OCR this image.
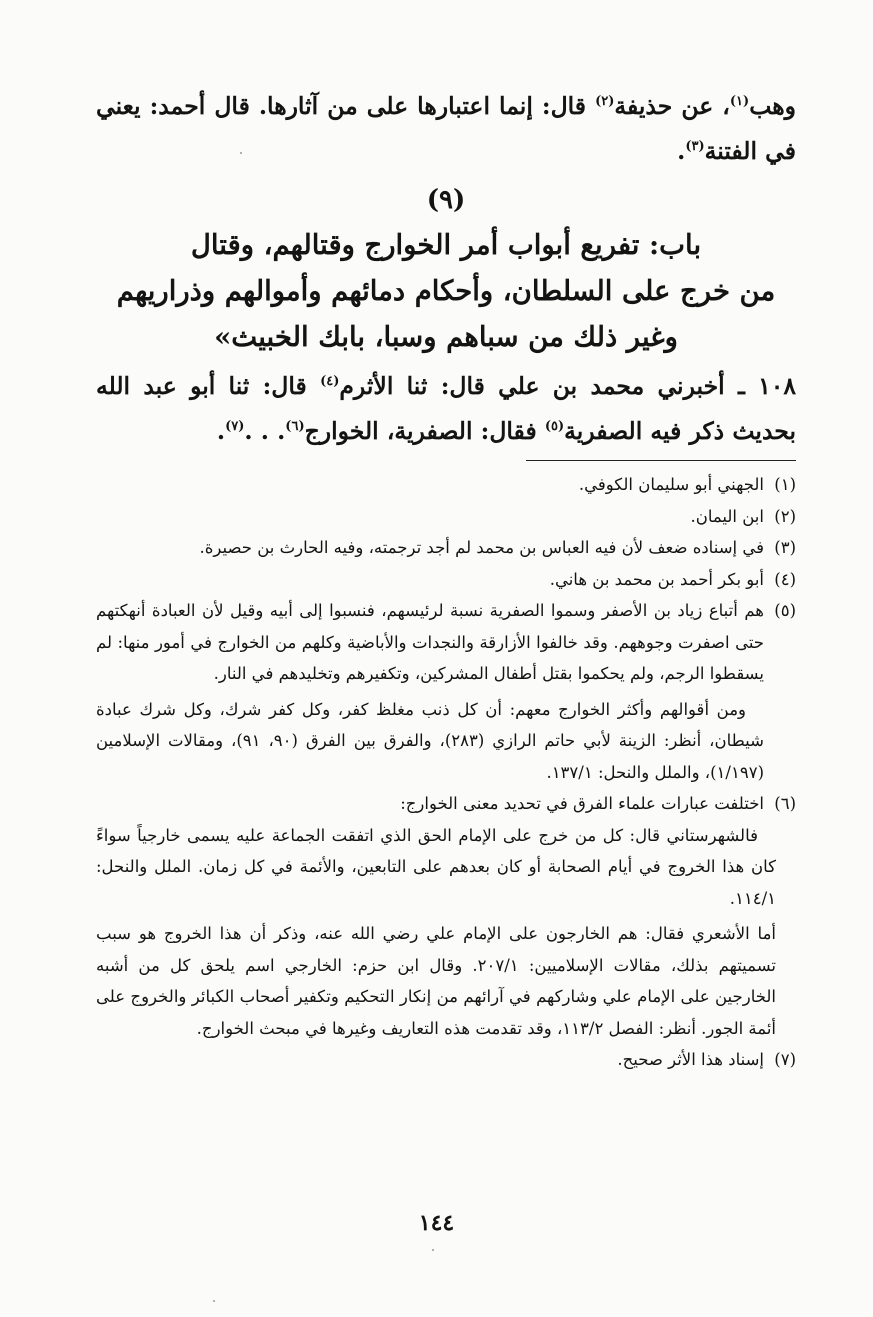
وهب$^{(١)}$، عن حذيفة$^{(٢)}$ قال: إنما اعتبارها على من آثارها. قال أحمد: يعني في الفتنة$^{(٣)}$.
(٩)
باب: تفريع أبواب أمر الخوارج وقتالهم، وقتال
من خرج على السلطان، وأحكام دمائهم وأموالهم وذراريهم
وغير ذلك من سباهم وسبا، بابك الخبيث»
١٠٨ ـ أخبرني محمد بن علي قال: ثنا الأثرم$^{(٤)}$ قال: ثنا أبو عبد الله بحديث ذكر فيه الصفرية$^{(٥)}$ فقال: الصفرية، الخوارج$^{(٦)}$. . .$^{(٧)}$.
(١)

الجهني أبو سليمان الكوفي.

(٢)

ابن اليمان.

(٣)

في إسناده ضعف لأن فيه العباس بن محمد لم أجد ترجمته، وفيه الحارث بن حصيرة.

(٤)

أبو بكر أحمد بن محمد بن هاني.

(٥)

هم أتباع زياد بن الأصفر وسموا الصفرية نسبة لرئيسهم، فنسبوا إلى أبيه وقيل لأن العبادة أنهكتهم حتى اصفرت وجوههم. وقد خالفوا الأزارقة والنجدات والأباضية وكلهم من الخوارج في أمور منها: لم يسقطوا الرجم، ولم يحكموا بقتل أطفال المشركين، وتكفيرهم وتخليدهم في النار.

ومن أقوالهم وأكثر الخوارج معهم: أن كل ذنب مغلظ كفر، وكل كفر شرك، وكل شرك عبادة شيطان، أنظر: الزينة لأبي حاتم الرازي (٢٨٣)، والفرق بين الفرق (٩٠، ٩١)، ومقالات الإسلامين (١/١٩٧)، والملل والنحل: ١٣٧/١.

(٦)

اختلفت عبارات علماء الفرق في تحديد معنى الخوارج:

فالشهرستاني قال: كل من خرج على الإمام الحق الذي اتفقت الجماعة عليه يسمى خارجياً سواءً كان هذا الخروج في أيام الصحابة أو كان بعدهم على التابعين، والأئمة في كل زمان. الملل والنحل: ١١٤/١.

أما الأشعري فقال: هم الخارجون على الإمام علي رضي الله عنه، وذكر أن هذا الخروج هو سبب تسميتهم بذلك، مقالات الإسلاميين: ٢٠٧/١. وقال ابن حزم: الخارجي اسم يلحق كل من أشبه الخارجين على الإمام علي وشاركهم في آرائهم من إنكار التحكيم وتكفير أصحاب الكبائر والخروج على أئمة الجور. أنظر: الفصل ١١٣/٢، وقد تقدمت هذه التعاريف وغيرها في مبحث الخوارج.

(٧)

إسناد هذا الأثر صحيح.

١٤٤
